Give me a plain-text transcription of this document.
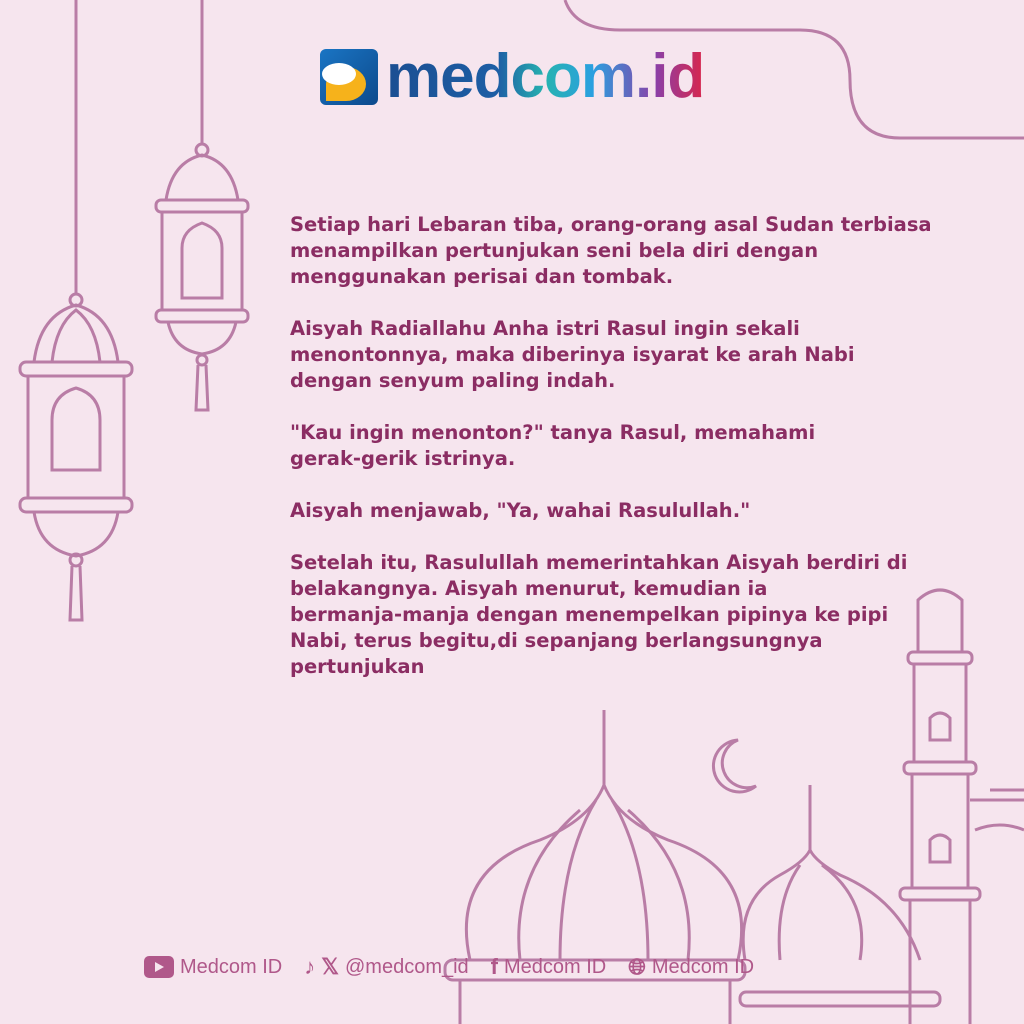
medcom.id
Setiap hari Lebaran tiba, orang-orang asal Sudan terbiasa
menampilkan pertunjukan seni bela diri dengan
menggunakan perisai dan tombak.
Aisyah Radiallahu Anha istri Rasul ingin sekali
menontonnya, maka diberinya isyarat ke arah Nabi
dengan senyum paling indah.
"Kau ingin menonton?" tanya Rasul, memahami
gerak-gerik istrinya.
Aisyah menjawab, "Ya, wahai Rasulullah."
Setelah itu, Rasulullah memerintahkan Aisyah berdiri di
belakangnya. Aisyah menurut, kemudian ia
bermanja-manja dengan menempelkan pipinya ke pipi
Nabi, terus begitu,di sepanjang berlangsungnya
pertunjukan
Medcom ID ♪ 𝕏 @medcom_id f Medcom ID 🌐︎ Medcom ID
